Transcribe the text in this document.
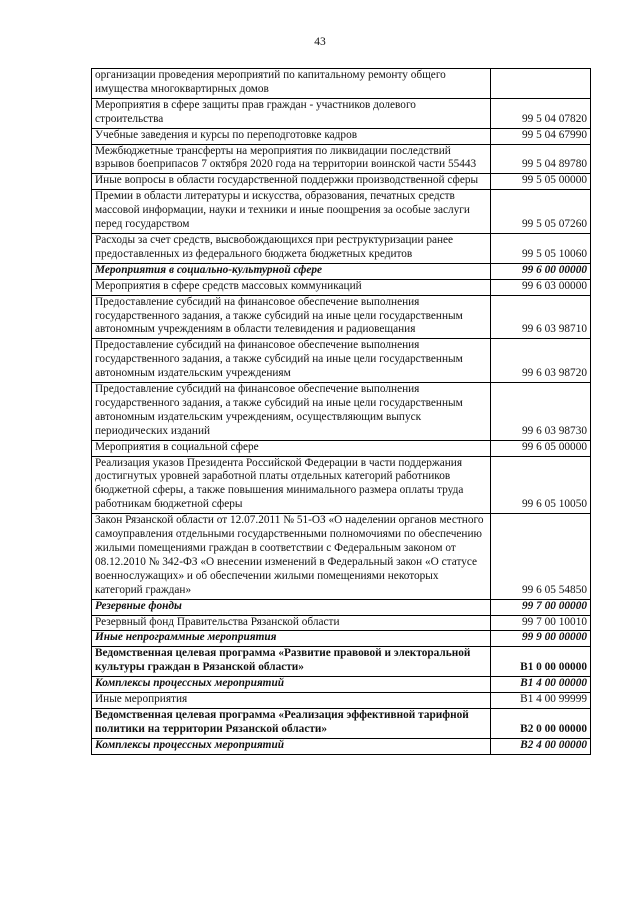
43
организации проведения мероприятий по капитальному ремонту общего имущества многоквартирных домов	
Мероприятия в сфере защиты прав граждан - участников долевого строительства	99 5 04 07820
Учебные заведения и курсы по переподготовке кадров	99 5 04 67990
Межбюджетные трансферты на мероприятия по ликвидации последствий взрывов боеприпасов 7 октября 2020 года на территории воинской части 55443	99 5 04 89780
Иные вопросы в области государственной поддержки производственной сферы	99 5 05 00000
Премии в области литературы и искусства, образования, печатных средств массовой информации, науки и техники и иные поощрения за особые заслуги перед государством	99 5 05 07260
Расходы за счет средств, высвобождающихся при реструктуризации ранее предоставленных из федерального бюджета бюджетных кредитов	99 5 05 10060
Мероприятия в социально-культурной сфере	99 6 00 00000
Мероприятия в сфере средств массовых коммуникаций	99 6 03 00000
Предоставление субсидий на финансовое обеспечение выполнения государственного задания, а также субсидий на иные цели государственным автономным учреждениям в области телевидения и радиовещания	99 6 03 98710
Предоставление субсидий на финансовое обеспечение выполнения государственного задания, а также субсидий на иные цели государственным автономным издательским учреждениям	99 6 03 98720
Предоставление субсидий на финансовое обеспечение выполнения государственного задания, а также субсидий на иные цели государственным автономным издательским учреждениям, осуществляющим выпуск периодических изданий	99 6 03 98730
Мероприятия в социальной сфере	99 6 05 00000
Реализация указов Президента Российской Федерации в части поддержания достигнутых уровней заработной платы отдельных категорий работников бюджетной сферы, а также повышения минимального размера оплаты труда работникам бюджетной сферы	99 6 05 10050
Закон Рязанской области от 12.07.2011 № 51-ОЗ «О наделении органов местного самоуправления отдельными государственными полномочиями по обеспечению жилыми помещениями граждан в соответствии с Федеральным законом от 08.12.2010 № 342-ФЗ «О внесении изменений в Федеральный закон «О статусе военнослужащих» и об обеспечении жилыми помещениями некоторых категорий граждан»	99 6 05 54850
Резервные фонды	99 7 00 00000
Резервный фонд Правительства Рязанской области	99 7 00 10010
Иные непрограммные мероприятия	99 9 00 00000
Ведомственная целевая программа «Развитие правовой и электоральной культуры граждан в Рязанской области»	В1 0 00 00000
Комплексы процессных мероприятий	В1 4 00 00000
Иные мероприятия	В1 4 00 99999
Ведомственная целевая программа «Реализация эффективной тарифной политики на территории Рязанской области»	В2 0 00 00000
Комплексы процессных мероприятий	В2 4 00 00000
